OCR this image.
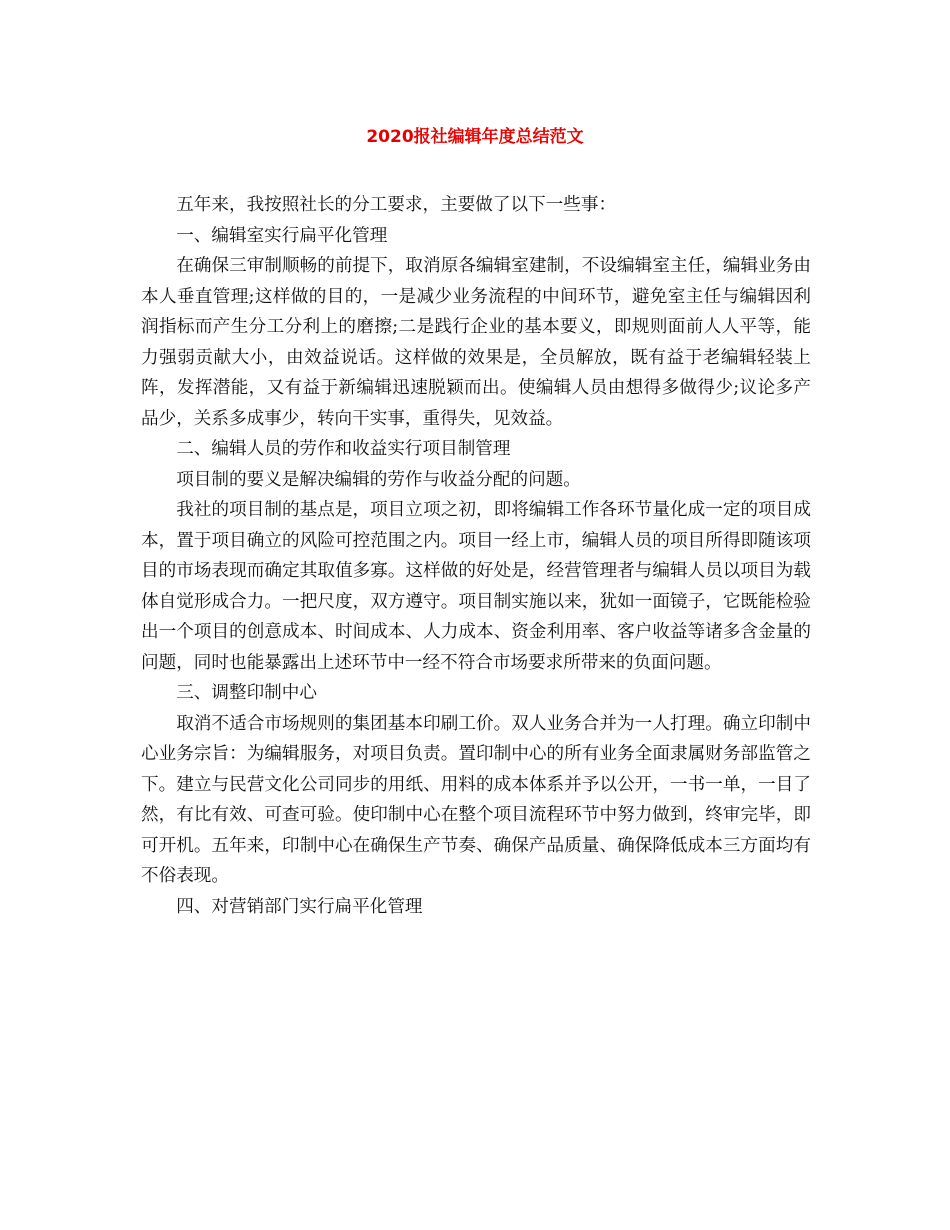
2020报社编辑年度总结范文

五年来，我按照社长的分工要求，主要做了以下一些事：

一、编辑室实行扁平化管理

在确保三审制顺畅的前提下，取消原各编辑室建制，不设编辑室主任，编辑业务由本人垂直管理;这样做的目的，一是减少业务流程的中间环节，避免室主任与编辑因利润指标而产生分工分利上的磨擦;二是践行企业的基本要义，即规则面前人人平等，能力强弱贡献大小，由效益说话。这样做的效果是，全员解放，既有益于老编辑轻装上阵，发挥潜能，又有益于新编辑迅速脱颖而出。使编辑人员由想得多做得少;议论多产品少，关系多成事少，转向干实事，重得失，见效益。

二、编辑人员的劳作和收益实行项目制管理

项目制的要义是解决编辑的劳作与收益分配的问题。

我社的项目制的基点是，项目立项之初，即将编辑工作各环节量化成一定的项目成本，置于项目确立的风险可控范围之内。项目一经上市，编辑人员的项目所得即随该项目的市场表现而确定其取值多寡。这样做的好处是，经营管理者与编辑人员以项目为载体自觉形成合力。一把尺度，双方遵守。项目制实施以来，犹如一面镜子，它既能检验出一个项目的创意成本、时间成本、人力成本、资金利用率、客户收益等诸多含金量的问题，同时也能暴露出上述环节中一经不符合市场要求所带来的负面问题。

三、调整印制中心

取消不适合市场规则的集团基本印刷工价。双人业务合并为一人打理。确立印制中心业务宗旨：为编辑服务，对项目负责。置印制中心的所有业务全面隶属财务部监管之下。建立与民营文化公司同步的用纸、用料的成本体系并予以公开，一书一单，一目了然，有比有效、可查可验。使印制中心在整个项目流程环节中努力做到，终审完毕，即可开机。五年来，印制中心在确保生产节奏、确保产品质量、确保降低成本三方面均有不俗表现。

四、对营销部门实行扁平化管理
